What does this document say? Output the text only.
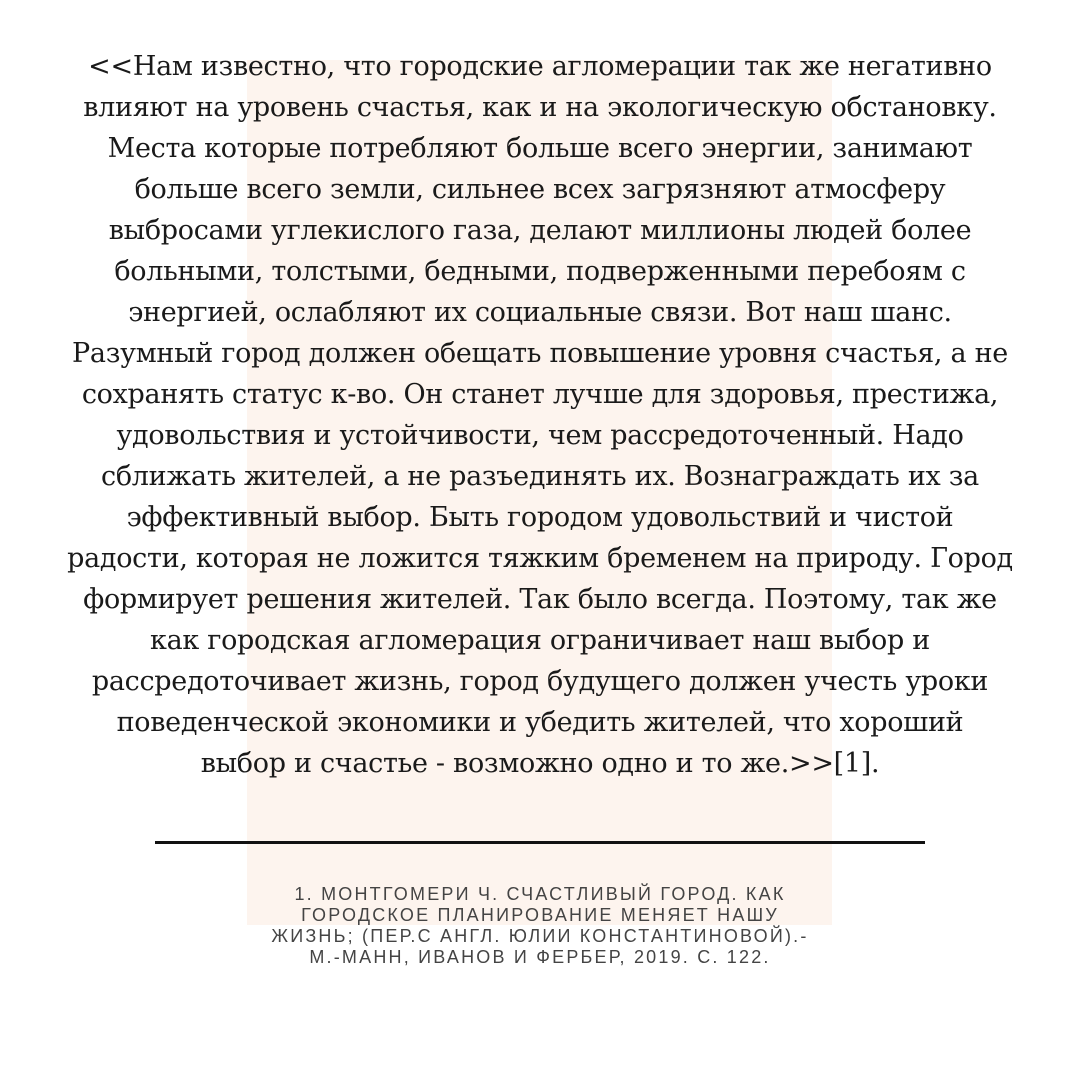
<<Нам известно, что городские агломерации так же негативно
влияют на уровень счастья, как и на экологическую обстановку.
Места которые потребляют больше всего энергии, занимают
больше всего земли, сильнее всех загрязняют атмосферу
выбросами углекислого газа, делают миллионы людей более
больными, толстыми, бедными, подверженными перебоям с
энергией, ослабляют их социальные связи. Вот наш шанс.
Разумный город должен обещать повышение уровня счастья, а не
сохранять статус к-во. Он станет лучше для здоровья, престижа,
удовольствия и устойчивости, чем рассредоточенный. Надо
сближать жителей, а не разъединять их. Вознаграждать их за
эффективный выбор. Быть городом удовольствий и чистой
радости, которая не ложится тяжким бременем на природу. Город
формирует решения жителей. Так было всегда. Поэтому, так же
как городская агломерация ограничивает наш выбор и
рассредоточивает жизнь, город будущего должен учесть уроки
поведенческой экономики и убедить жителей, что хороший
выбор и счастье - возможно одно и то же.>>[1].

1. МОНТГОМЕРИ Ч. СЧАСТЛИВЫЙ ГОРОД. КАК
ГОРОДСКОЕ ПЛАНИРОВАНИЕ МЕНЯЕТ НАШУ
ЖИЗНЬ; (ПЕР.С АНГЛ. ЮЛИИ КОНСТАНТИНОВОЙ).-
М.-МАНН, ИВАНОВ И ФЕРБЕР, 2019. С. 122.
